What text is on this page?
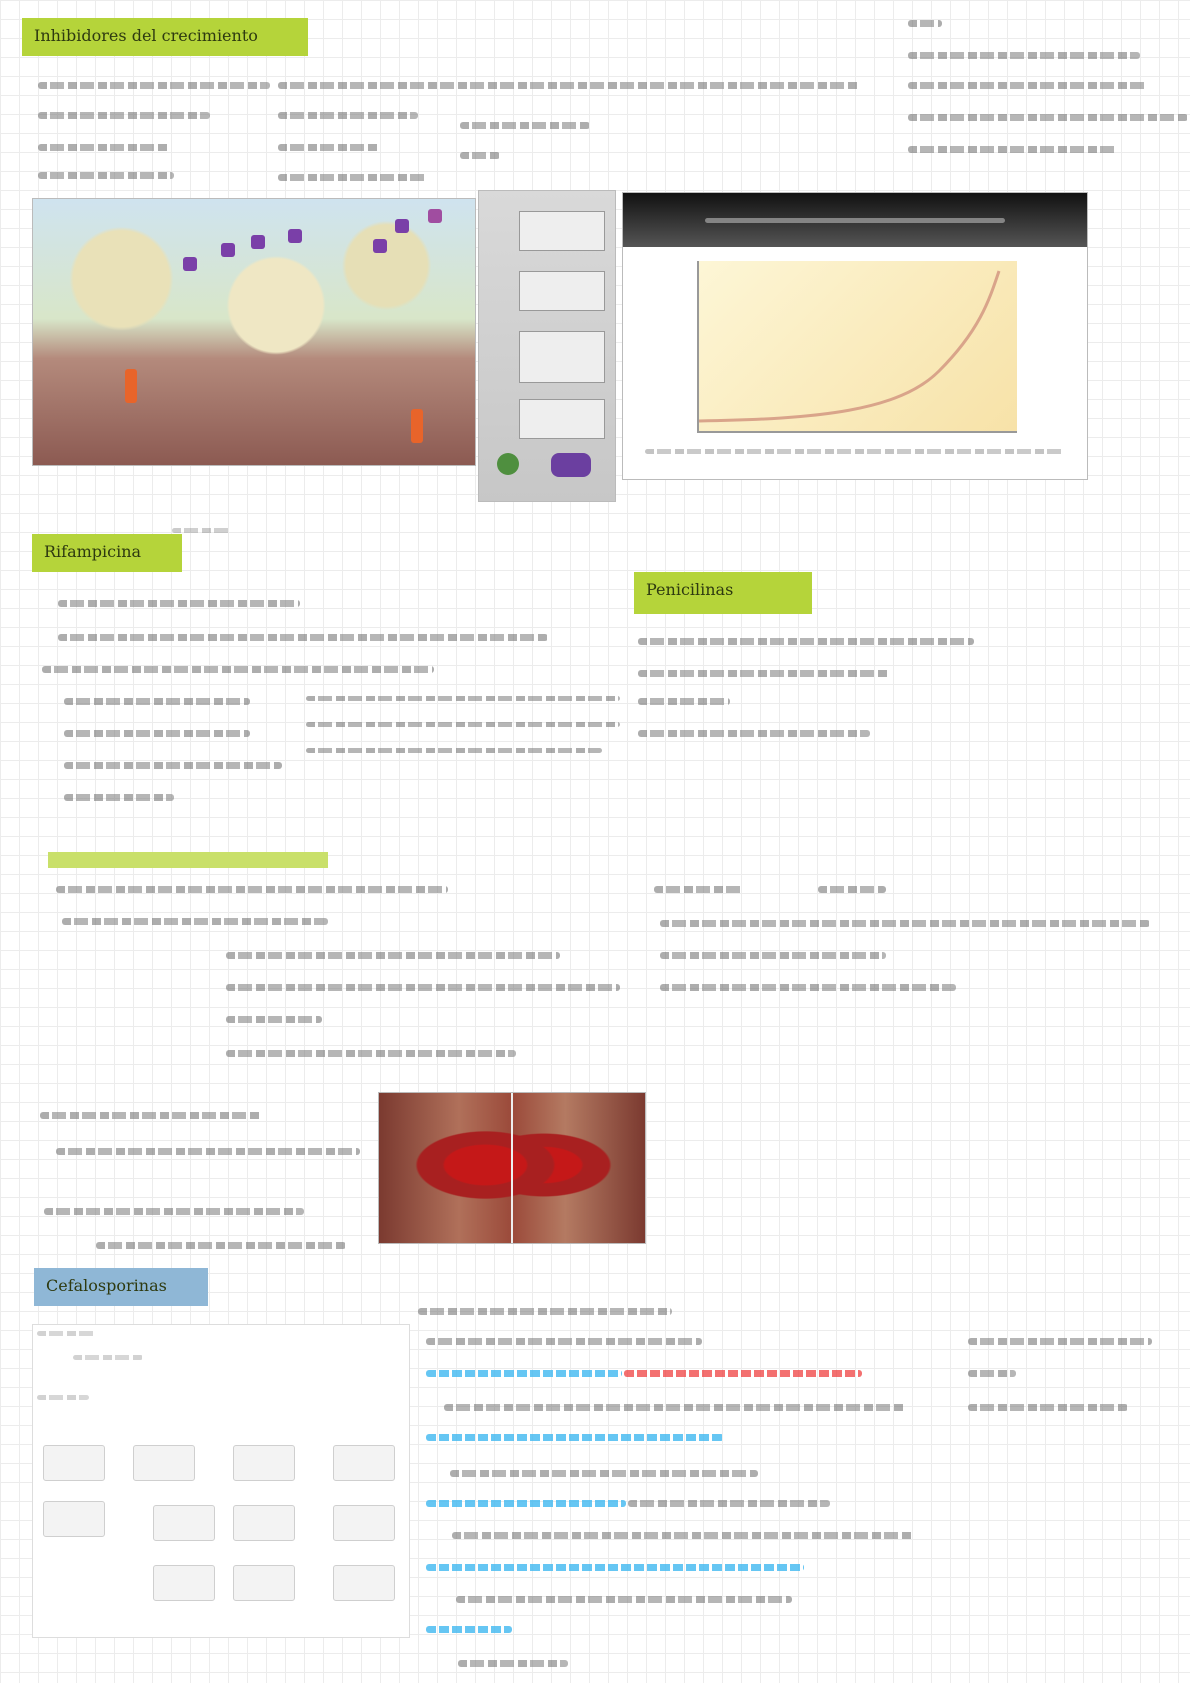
Inhibidores del crecimiento
Rifampicina
Penicilinas
Cefalosporinas
